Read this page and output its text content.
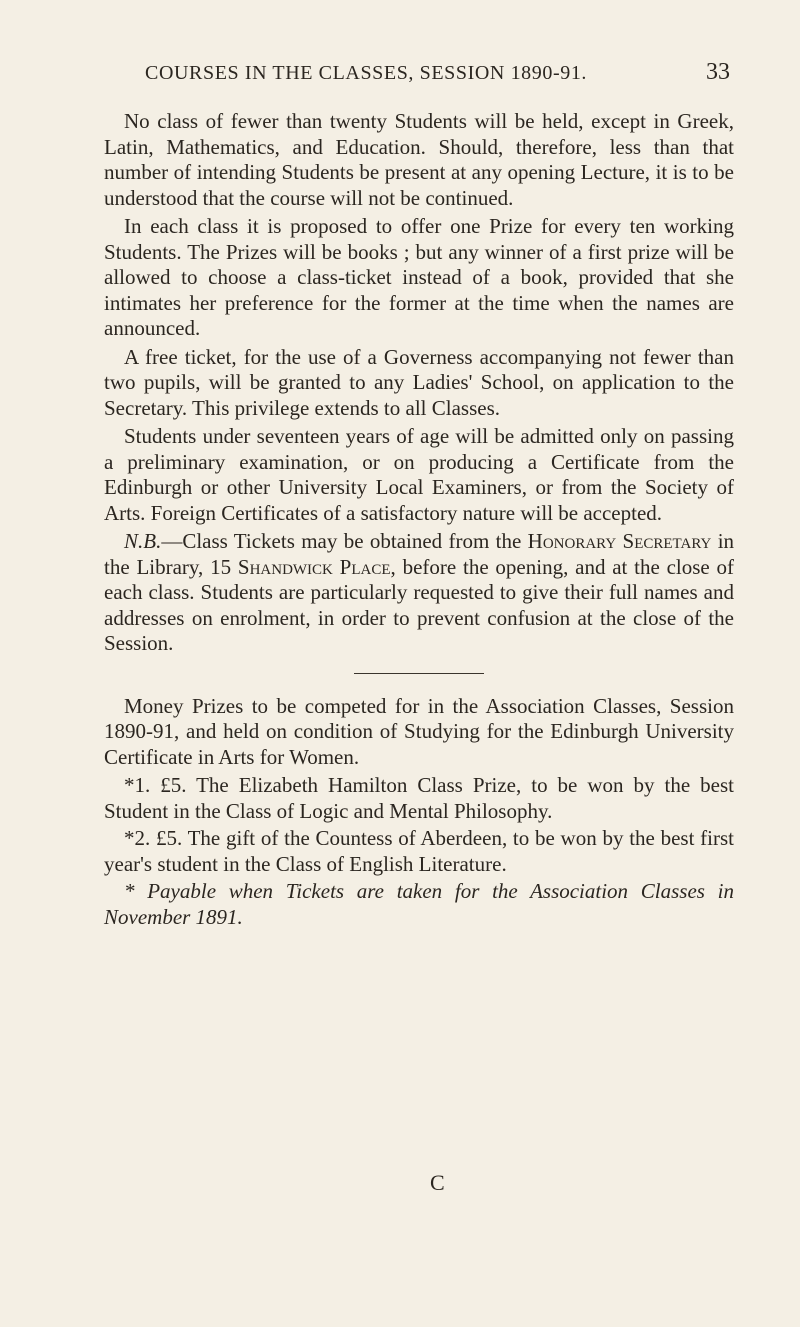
COURSES IN THE CLASSES, SESSION 1890-91.	33

No class of fewer than twenty Students will be held, except in Greek, Latin, Mathematics, and Education. Should, therefore, less than that number of intending Students be present at any opening Lecture, it is to be understood that the course will not be continued.

In each class it is proposed to offer one Prize for every ten working Students. The Prizes will be books ; but any winner of a first prize will be allowed to choose a class-ticket instead of a book, provided that she intimates her preference for the former at the time when the names are announced.

A free ticket, for the use of a Governess accompanying not fewer than two pupils, will be granted to any Ladies' School, on application to the Secretary. This privilege extends to all Classes.

Students under seventeen years of age will be admitted only on passing a preliminary examination, or on producing a Certificate from the Edinburgh or other University Local Examiners, or from the Society of Arts. Foreign Certificates of a satisfactory nature will be accepted.

N.B.—Class Tickets may be obtained from the Honorary Secretary in the Library, 15 Shandwick Place, before the opening, and at the close of each class. Students are particularly requested to give their full names and addresses on enrolment, in order to prevent confusion at the close of the Session.

Money Prizes to be competed for in the Association Classes, Session 1890-91, and held on condition of Studying for the Edinburgh University Certificate in Arts for Women.

*1. £5. The Elizabeth Hamilton Class Prize, to be won by the best Student in the Class of Logic and Mental Philosophy.

*2. £5. The gift of the Countess of Aberdeen, to be won by the best first year's student in the Class of English Literature.

* Payable when Tickets are taken for the Association Classes in November 1891.

C
